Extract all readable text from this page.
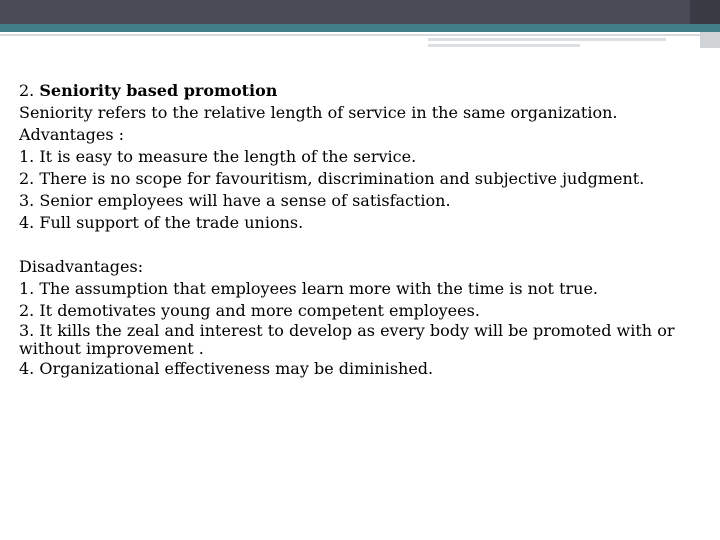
2. Seniority based promotion

Seniority refers to the relative length of service in the same organization.

Advantages :

1. It is easy to measure the length of the service.

2. There is no scope for favouritism, discrimination and subjective judgment.

3. Senior employees will have a sense of satisfaction.

4. Full support of the trade unions.

Disadvantages:

1. The assumption that employees learn more with the time is not true.

2. It demotivates young and more competent employees.

3. It kills the zeal and interest to develop as every body will be promoted with or without improvement .

4. Organizational effectiveness may be diminished.
